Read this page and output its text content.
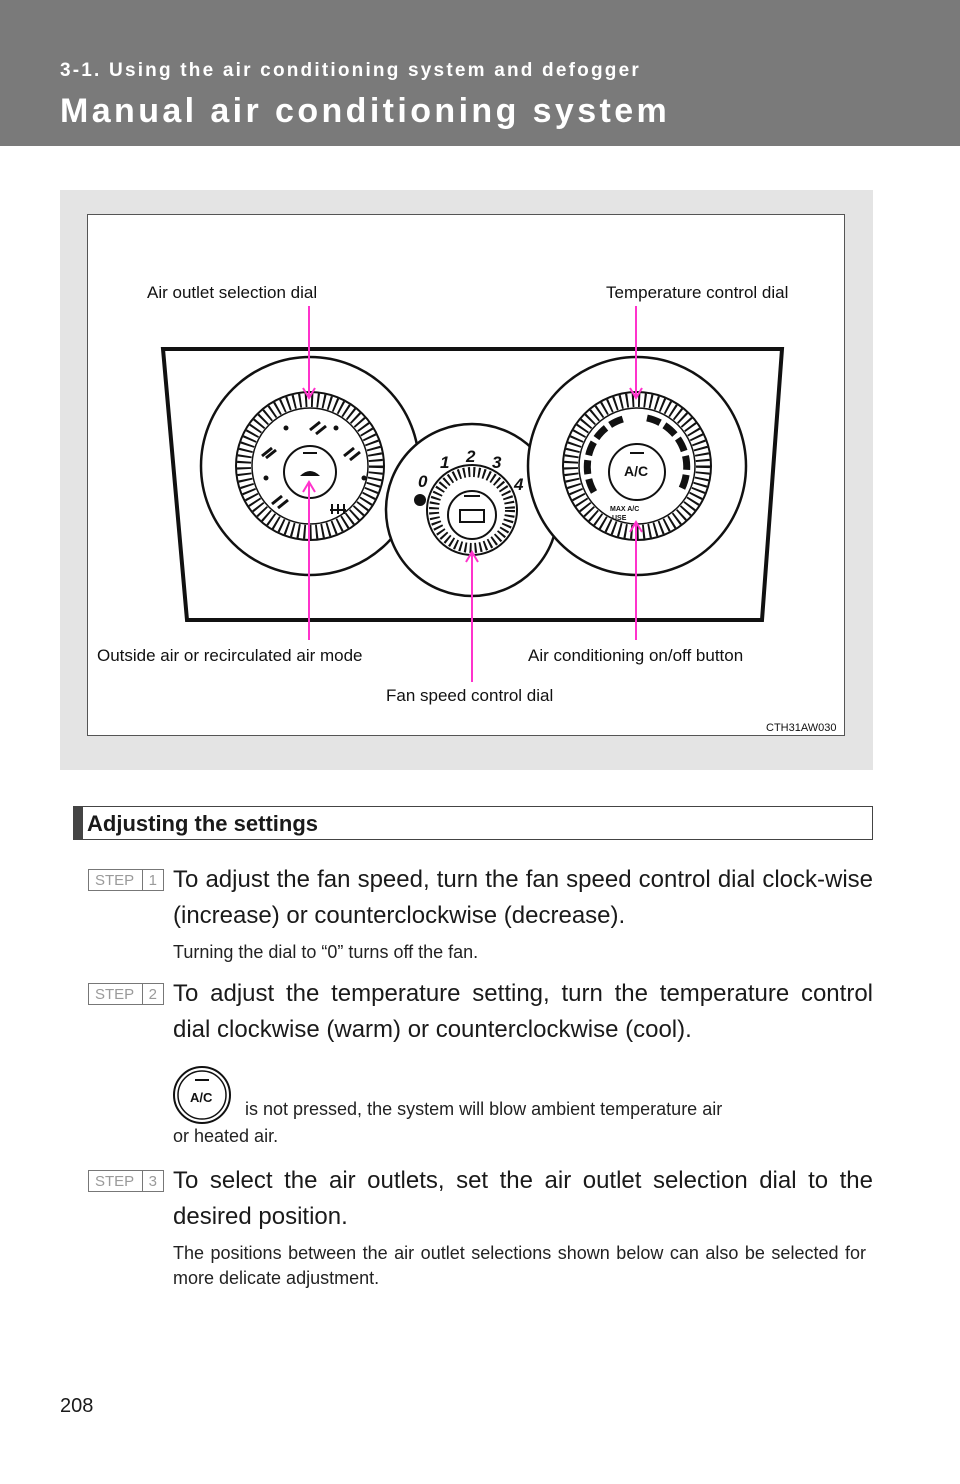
3-1. Using the air conditioning system and defogger
Manual air conditioning system
0
1 2 3
4
A/C
MAX A/C
USE
Air outlet selection dial	Temperature control dial
Outside air or recirculated air mode	Air conditioning on/off button
Fan speed control dial
CTH31AW030
Adjusting the settings
STEP 1 To adjust the fan speed, turn the fan speed control dial clock-wise (increase) or counterclockwise (decrease).
Turning the dial to “0” turns off the fan.
STEP 2 To adjust the temperature setting, turn the temperature control dial clockwise (warm) or counterclockwise (cool).
A/C
is not pressed, the system will blow ambient temperature air
STEP 3 To select the air outlets, set the air outlet selection dial to the desired position.
The positions between the air outlet selections shown below can also be selected for more delicate adjustment.
208
or heated air.
